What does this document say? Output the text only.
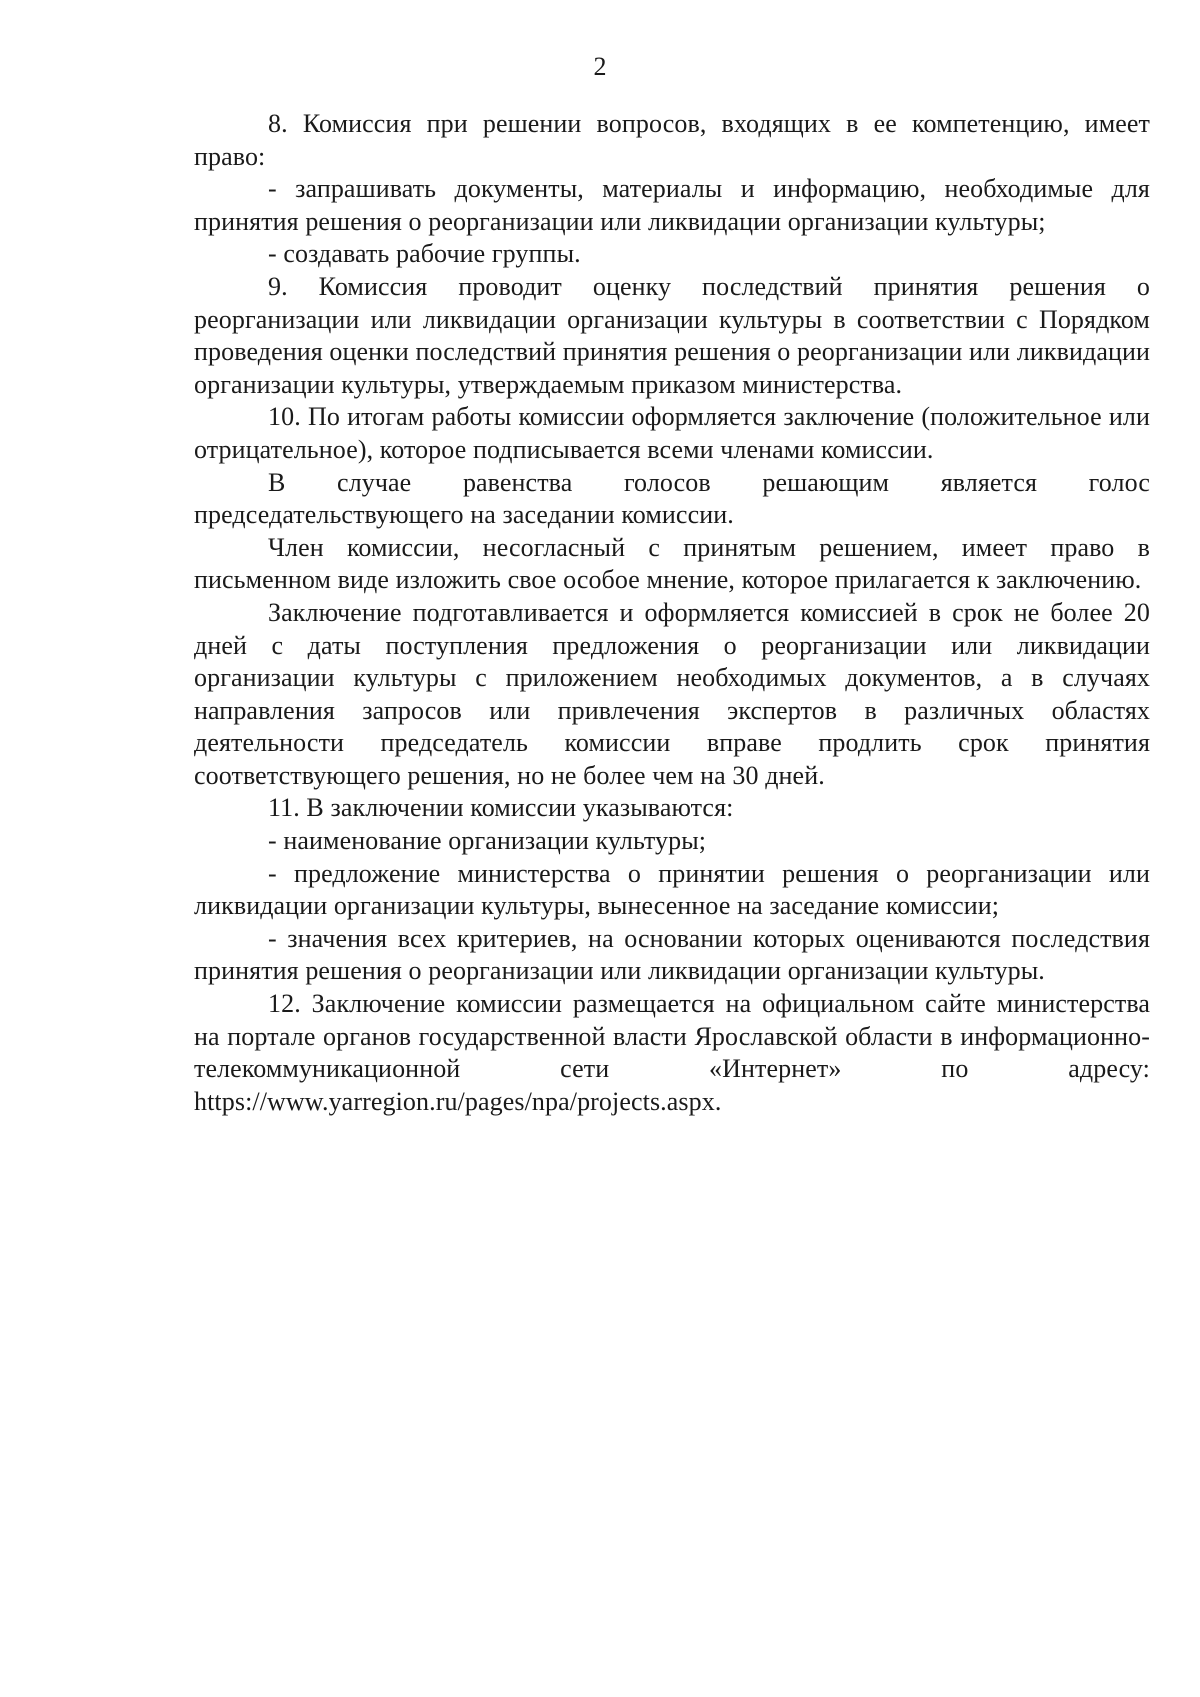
2

8. Комиссия при решении вопросов, входящих в ее компетенцию, имеет право:

- запрашивать документы, материалы и информацию, необходимые для принятия решения о реорганизации или ликвидации организации культуры;

- создавать рабочие группы.

9. Комиссия проводит оценку последствий принятия решения о реорганизации или ликвидации организации культуры в соответствии с Порядком проведения оценки последствий принятия решения о реорганизации или ликвидации организации культуры, утверждаемым приказом министерства.

10. По итогам работы комиссии оформляется заключение (положительное или отрицательное), которое подписывается всеми членами комиссии.

В случае равенства голосов решающим является голос председательствующего на заседании комиссии.

Член комиссии, несогласный с принятым решением, имеет право в письменном виде изложить свое особое мнение, которое прилагается к заключению.

Заключение подготавливается и оформляется комиссией в срок не более 20 дней с даты поступления предложения о реорганизации или ликвидации организации культуры с приложением необходимых документов, а в случаях направления запросов или привлечения экспертов в различных областях деятельности председатель комиссии вправе продлить срок принятия соответствующего решения, но не более чем на 30 дней.

11. В заключении комиссии указываются:

- наименование организации культуры;

- предложение министерства о принятии решения о реорганизации или ликвидации организации культуры, вынесенное на заседание комиссии;

- значения всех критериев, на основании которых оцениваются последствия принятия решения о реорганизации или ликвидации организации культуры.

12. Заключение комиссии размещается на официальном сайте министерства на портале органов государственной власти Ярославской области в информационно-телекоммуникационной сети «Интернет» по адресу: https://www.yarregion.ru/pages/npa/projects.aspx.
